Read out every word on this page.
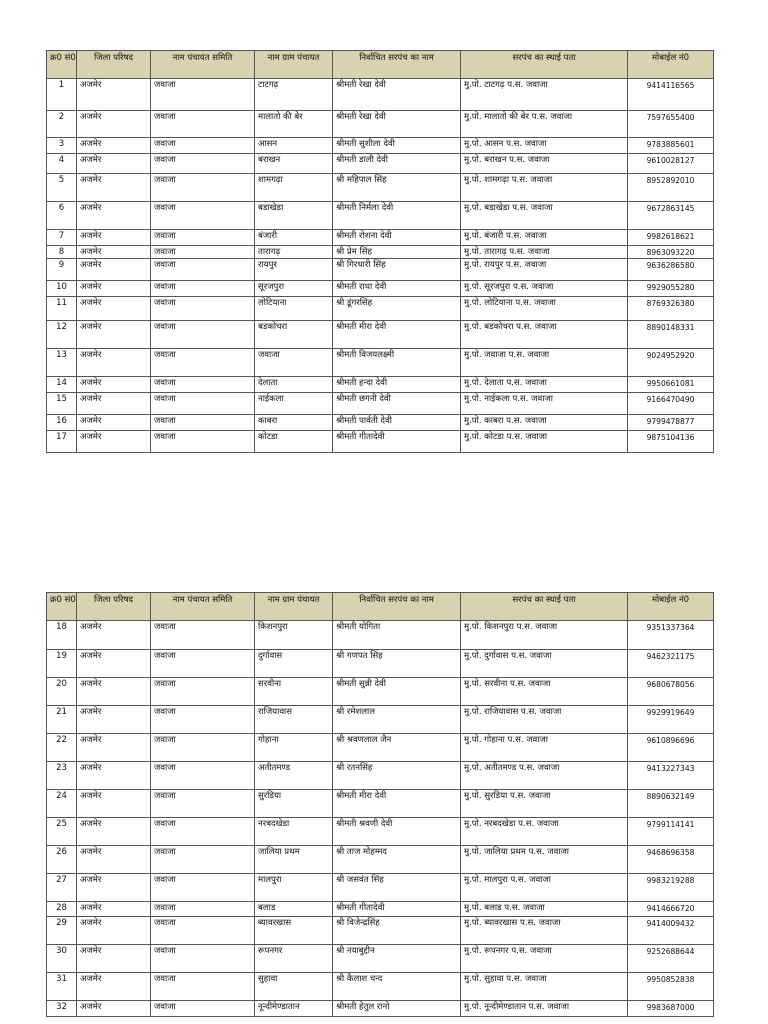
क्र0 सं0	जिला परिषद	नाम पंचायत समिति	नाम ग्राम पंचायत	निर्वाचित सरपंच का नाम	सरपंच का स्थाई पता	मोबाईल नं0
1	अजमेर	जवाजा	टाटगढ़	श्रीमती रेखा देवी	मु.पो. टाटगढ़ प.स. जवाजा	9414116565
2	अजमेर	जवाजा	मालातो की बेर	श्रीमती रेखा देवी	मु.पो. मालातो की बेर प.स. जवाजा	7597655400
3	अजमेर	जवाजा	आसन	श्रीमती सुशीला देवी	मु.पो. आसन प.स. जवाजा	9783885601
4	अजमेर	जवाजा	बराखन	श्रीमती डाली देवी	मु.पो. बराखन प.स. जवाजा	9610028127
5	अजमेर	जवाजा	शामगढ़ा	श्री महिपाल सिंह	मु.पो. शामगढ़ा प.स. जवाजा	8952892010
6	अजमेर	जवाजा	बडाखेडा	श्रीमती निर्मला देवी	मु.पो. बडाखेडा प.स. जवाजा	9672863145
7	अजमेर	जवाजा	बंजारी	श्रीमती रोशना देवी	मु.पो. बंजारी प.स. जवाजा	9982618621
8	अजमेर	जवाजा	तारागढ़	श्री प्रेम सिंह	मु.पो. तारागढ़ प.स. जवाजा	8963093220
9	अजमेर	जवाजा	रायपुर	श्री गिरधारी सिंह	मु.पो. रायपुर प.स. जवाजा	9636286580
10	अजमेर	जवाजा	सूरजपुरा	श्रीमती राधा देवी	मु.पो. सूरजपुरा प.स. जवाजा	9929055280
11	अजमेर	जवाजा	लोटियाना	श्री डूंगरसिंह	मु.पो. लोटियाना प.स. जवाजा	8769326380
12	अजमेर	जवाजा	बडकोचरा	श्रीमती मीरा देवी	मु.पो. बडकोचरा प.स. जवाजा	8890148331
13	अजमेर	जवाजा	जवाजा	श्रीमती विजयलक्ष्मी	मु.पो. जवाजा प.स. जवाजा	9024952920
14	अजमेर	जवाजा	देलाता	श्रीमती हन्दा देवी	मु.पो. देलाता प.स. जवाजा	9950661081
15	अजमेर	जवाजा	नाईकला	श्रीमती छगनी देवी	मु.पो. नाईकला प.स. जवाजा	9166470490
16	अजमेर	जवाजा	काबरा	श्रीमती पार्वती देवी	मु.पो. काबरा प.स. जवाजा	9799478877
17	अजमेर	जवाजा	कोटडा	श्रीमती गीतादेवी	मु.पो. कोटडा प.स. जवाजा	9875104136
क्र0 सं0	जिला परिषद	नाम पंचायत समिति	नाम ग्राम पंचायत	निर्वाचित सरपंच का नाम	सरपंच का स्थाई पता	मोबाईल नं0
18	अजमेर	जवाजा	किशनपुरा	श्रीमती योगिता	मु.पो. किशनपुरा प.स. जवाजा	9351337364
19	अजमेर	जवाजा	दुर्गावास	श्री गणपत सिंह	मु.पो. दुर्गावास प.स. जवाजा	9462321175
20	अजमेर	जवाजा	सरवीना	श्रीमती सुन्नी देवी	मु.पो. सरवीना प.स. जवाजा	9680678056
21	अजमेर	जवाजा	राजियावास	श्री रमेशलाल	मु.पो. राजियावास प.स. जवाजा	9929919649
22	अजमेर	जवाजा	गोहाना	श्री श्रवणलाल जैन	मु.पो. गोहाना प.स. जवाजा	9610896696
23	अजमेर	जवाजा	अतीतमण्ड	श्री रतनसिंह	मु.पो. अतीतमण्ड प.स. जवाजा	9413227343
24	अजमेर	जवाजा	सुरडिया	श्रीमती मीरा देवी	मु.पो. सुरडिया प.स. जवाजा	8890632149
25	अजमेर	जवाजा	नरबदखेडा	श्रीमती श्रवणी देवी	मु.पो. नरबदखेडा प.स. जवाजा	9799114141
26	अजमेर	जवाजा	जालिया प्रथम	श्री ताज मोहम्मद	मु.पो. जालिया प्रथम प.स. जवाजा	9468696358
27	अजमेर	जवाजा	मालपुरा	श्री जसवंत सिंह	मु.पो. मालपुरा प.स. जवाजा	9983219288
28	अजमेर	जवाजा	बलाड	श्रीमती गीतादेवी	मु.पो. बलाड प.स. जवाजा	9414666720
29	अजमेर	जवाजा	ब्यावरखास	श्री विजेन्द्रसिंह	मु.पो. ब्यावरखास प.स. जवाजा	9414009432
30	अजमेर	जवाजा	रूपनगर	श्री नयाबुद्दीन	मु.पो. रूपनगर प.स. जवाजा	9252688644
31	अजमेर	जवाजा	सुहावा	श्री कैलाश चन्द	मु.पो. सुहावा प.स. जवाजा	9950852838
32	अजमेर	जवाजा	नून्दीमेण्डातान	श्रीमती हेतुल रानो	मु.पो. नून्दीमेण्डातान प.स. जवाजा	9983687000
